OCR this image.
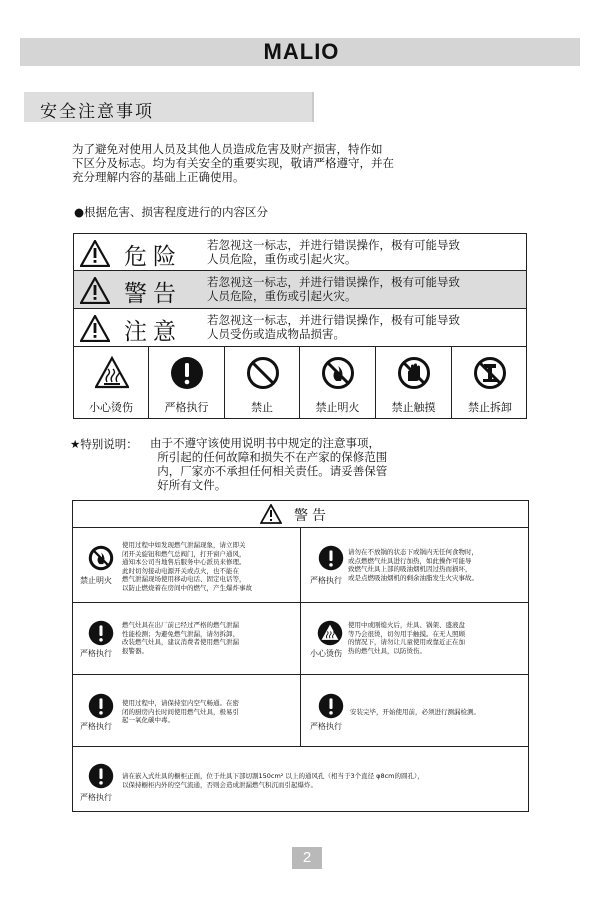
MALIO
安全注意事项
为了避免对使用人员及其他人员造成危害及财产损害，特作如
下区分及标志。均为有关安全的重要实现，敬请严格遵守，并在
充分理解内容的基础上正确使用。
●根据危害、损害程度进行的内容区分
危险 若忽视这一标志，并进行错误操作，极有可能导致
人员危险，重伤或引起火灾。
警告 若忽视这一标志，并进行错误操作，极有可能导致
人员危险，重伤或引起火灾。
注意 若忽视这一标志，并进行错误操作，极有可能导致
人员受伤或造成物品损害。
小心烫伤	严格执行	禁止	禁止明火	禁止触摸	禁止拆卸
★特别说明： 由于不遵守该使用说明书中规定的注意事项，
所引起的任何故障和损失不在产家的保修范围
内，厂家亦不承担任何相关责任。请妥善保管
好所有文件。
警告
禁止明火
使用过程中如发现燃气泄漏现象，请立即关
闭开关旋钮和燃气总阀门，打开窗户通风，
通知本公司当地售后服务中心派员来修理。
此时切勿接动电源开关或点火，也不能在
燃气泄漏现场使用移动电话、固定电话等，
以防止燃烧着在房间中的燃气，产生爆炸事故
严格执行
请勿在不放锅的状态下或锅内无任何食物时，
或点燃燃气灶具进行加热，如此操作可能导
致燃气灶具上部的吸油烟机因过热而损坏，
或是点燃吸油烟机的剩余油脂发生火灾事故。
严格执行
燃气灶具在出厂前已经过严格的燃气泄漏
性能检测；为避免燃气泄漏，请勿拆卸、
改装燃气灶具，建议消费者使用燃气泄漏
报警器。	小心烫伤
使用中或刚熄火后，灶具、锅架、盛液盘
等乃会很烫，切勿用手触摸。在无人照顾
的情况下，请勿让儿童使用或靠近正在加
热的燃气灶具，以防烫伤。
严格执行
使用过程中，请保持室内空气畅通。在密
闭的厨房内长时间使用燃气灶具，极易引
起一氧化碳中毒。
严格执行
安装完毕，开始使用前，必须进行测漏检测。
严格执行
请在嵌入式灶具的橱柜正面，位于灶具下部切割150cm² 以上的通风孔（相当于3个直径 φ8cm的圆孔），
以保持橱柜内外的空气流通，否则会造成泄漏燃气积沉而引起爆炸。
2
